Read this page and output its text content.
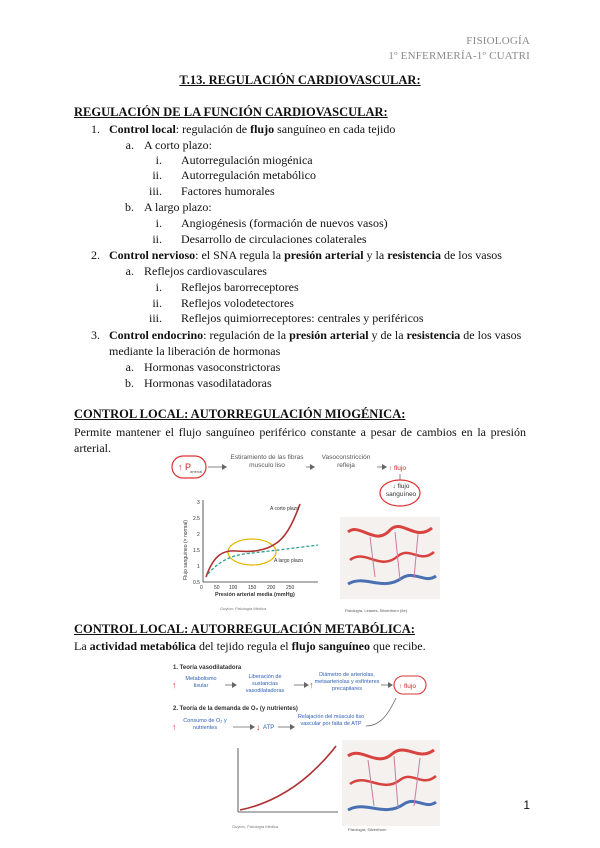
FISIOLOGÍA
1º ENFERMERÍA-1º CUATRI
T.13. REGULACIÓN CARDIOVASCULAR:
REGULACIÓN DE LA FUNCIÓN CARDIOVASCULAR:
1. Control local: regulación de flujo sanguíneo en cada tejido
a. A corto plazo:
i. Autorregulación miogénica
ii. Autorregulación metabólico
iii. Factores humorales
b. A largo plazo:
i. Angiogénesis (formación de nuevos vasos)
ii. Desarrollo de circulaciones colaterales
2. Control nervioso: el SNA regula la presión arterial y la resistencia de los vasos
a. Reflejos cardiovasculares
i. Reflejos barorreceptores
ii. Reflejos volodetectores
iii. Reflejos quimiorreceptores: centrales y periféricos
3. Control endocrino: regulación de la presión arterial y de la resistencia de los vasos
mediante la liberación de hormonas
a. Hormonas vasoconstrictoras
b. Hormonas vasodilatadoras
CONTROL LOCAL: AUTORREGULACIÓN MIOGÉNICA:
Permite mantener el flujo sanguíneo periférico constante a pesar de cambios en la presión arterial.
↑ P
arterial
Estiramiento de las fibras musculo liso
Vasoconstricción refleja	↑ flujo
↓ flujo sanguíneo
Flujo sanguíneo (× normal)
3
2.5
2
1.5
1
0.5
0 50 100 150 200 250
Presión arterial media (mmHg)
A corto plazo
A largo plazo
Guyton: Fisiología Médica	Fisiología, Linares, Silverthorn (5e)
CONTROL LOCAL: AUTORREGULACIÓN METABÓLICA:
La actividad metabólica del tejido regula el flujo sanguíneo que recibe.
1. Teoría vasodilatadora
↑
Metabolismo tisular
Liberación de sustancias vasodilatadoras
↑
Diámetro de arteriolas, metaarteriolas y esfínteres precapilares	↑ flujo
2. Teoría de la demanda de O₂ (y nutrientes)
↑
Consumo de O₂ y nutrientes	↓ ATP
Relajación del músculo liso vascular por falta de ATP
Guyton, Fisiología Médica
Fisiología, Silverthorn
1
